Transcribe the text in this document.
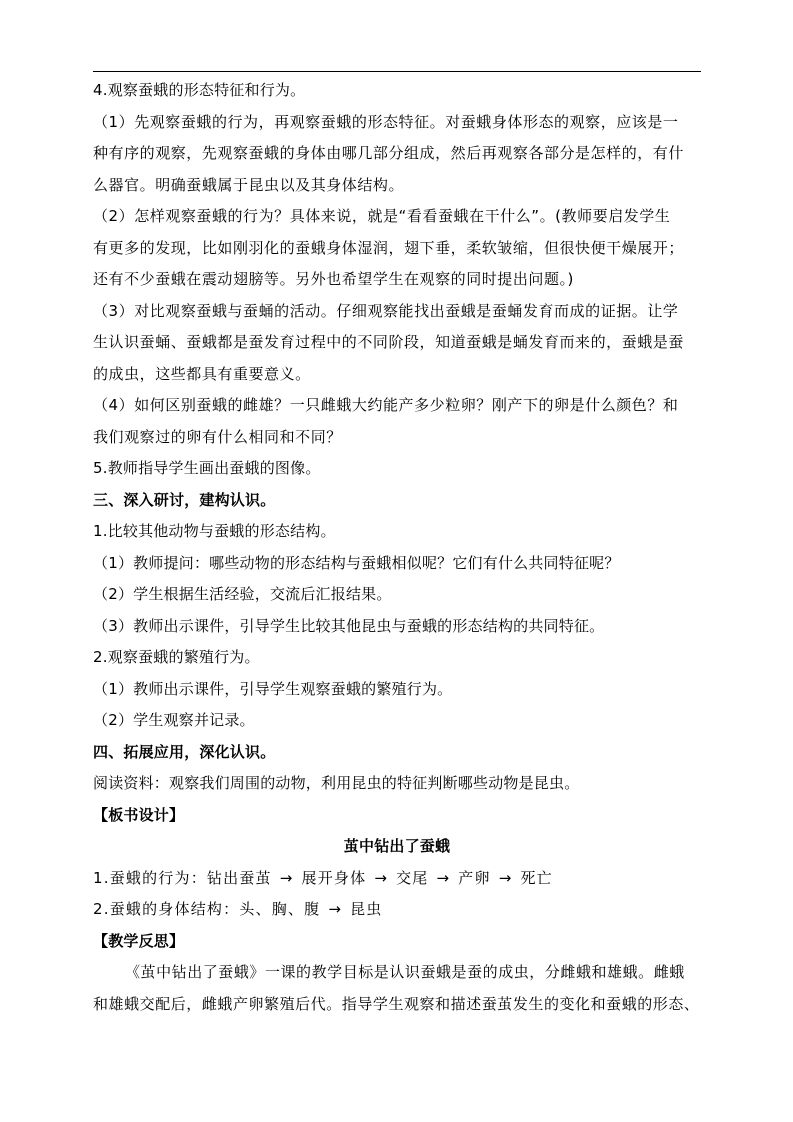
4.观察蚕蛾的形态特征和行为。
（1）先观察蚕蛾的行为，再观察蚕蛾的形态特征。对蚕蛾身体形态的观察，应该是一
种有序的观察，先观察蚕蛾的身体由哪几部分组成，然后再观察各部分是怎样的，有什
么器官。明确蚕蛾属于昆虫以及其身体结构。
（2）怎样观察蚕蛾的行为？具体来说，就是“看看蚕蛾在干什么”。(教师要启发学生
有更多的发现，比如刚羽化的蚕蛾身体湿润，翅下垂，柔软皱缩，但很快便干燥展开；
还有不少蚕蛾在震动翅膀等。另外也希望学生在观察的同时提出问题。)
（3）对比观察蚕蛾与蚕蛹的活动。仔细观察能找出蚕蛾是蚕蛹发育而成的证据。让学
生认识蚕蛹、蚕蛾都是蚕发育过程中的不同阶段，知道蚕蛾是蛹发育而来的，蚕蛾是蚕
的成虫，这些都具有重要意义。
（4）如何区别蚕蛾的雌雄？一只雌蛾大约能产多少粒卵？刚产下的卵是什么颜色？和
我们观察过的卵有什么相同和不同？
5.教师指导学生画出蚕蛾的图像。
三、深入研讨，建构认识。
1.比较其他动物与蚕蛾的形态结构。
（1）教师提问：哪些动物的形态结构与蚕蛾相似呢？它们有什么共同特征呢？
（2）学生根据生活经验，交流后汇报结果。
（3）教师出示课件，引导学生比较其他昆虫与蚕蛾的形态结构的共同特征。
2.观察蚕蛾的繁殖行为。
（1）教师出示课件，引导学生观察蚕蛾的繁殖行为。
（2）学生观察并记录。
四、拓展应用，深化认识。
阅读资料：观察我们周围的动物，利用昆虫的特征判断哪些动物是昆虫。
【板书设计】
茧中钻出了蚕蛾
1.蚕蛾的行为：钻出蚕茧 → 展开身体 → 交尾 → 产卵 → 死亡
2.蚕蛾的身体结构：头、胸、腹 → 昆虫
【教学反思】
《茧中钻出了蚕蛾》一课的教学目标是认识蚕蛾是蚕的成虫，分雌蛾和雄蛾。雌蛾
和雄蛾交配后，雌蛾产卵繁殖后代。指导学生观察和描述蚕茧发生的变化和蚕蛾的形态、
